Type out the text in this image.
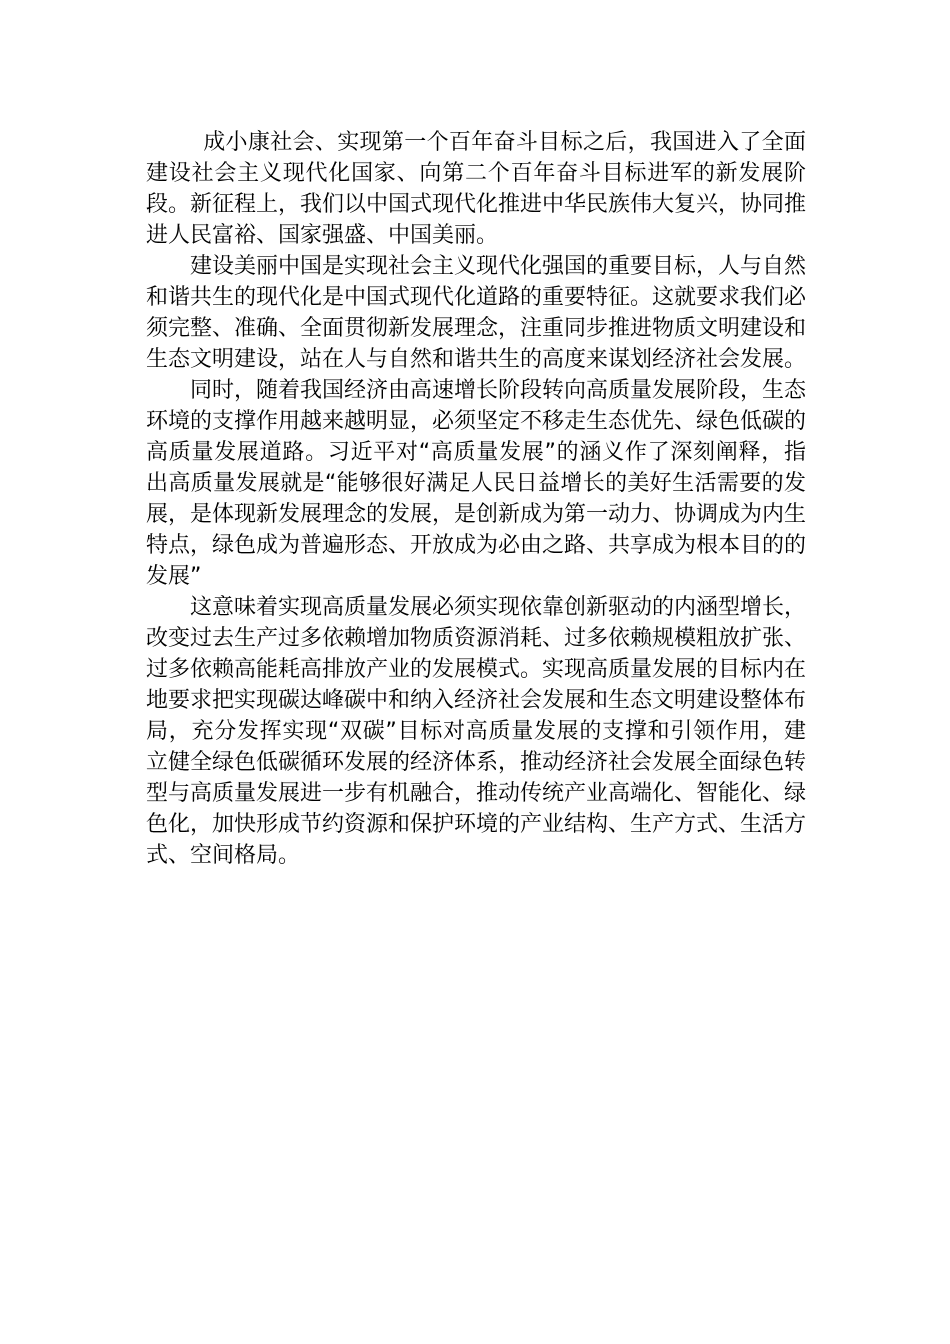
成小康社会、实现第一个百年奋斗目标之后，我国进入了全面建设社会主义现代化国家、向第二个百年奋斗目标进军的新发展阶段。新征程上，我们以中国式现代化推进中华民族伟大复兴，协同推进人民富裕、国家强盛、中国美丽。

建设美丽中国是实现社会主义现代化强国的重要目标，人与自然和谐共生的现代化是中国式现代化道路的重要特征。这就要求我们必须完整、准确、全面贯彻新发展理念，注重同步推进物质文明建设和生态文明建设，站在人与自然和谐共生的高度来谋划经济社会发展。

同时，随着我国经济由高速增长阶段转向高质量发展阶段，生态环境的支撑作用越来越明显，必须坚定不移走生态优先、绿色低碳的高质量发展道路。习近平对“高质量发展”的涵义作了深刻阐释，指出高质量发展就是“能够很好满足人民日益增长的美好生活需要的发展，是体现新发展理念的发展，是创新成为第一动力、协调成为内生特点，绿色成为普遍形态、开放成为必由之路、共享成为根本目的的发展”

这意味着实现高质量发展必须实现依靠创新驱动的内涵型增长，改变过去生产过多依赖增加物质资源消耗、过多依赖规模粗放扩张、过多依赖高能耗高排放产业的发展模式。实现高质量发展的目标内在地要求把实现碳达峰碳中和纳入经济社会发展和生态文明建设整体布局，充分发挥实现“双碳”目标对高质量发展的支撑和引领作用，建立健全绿色低碳循环发展的经济体系，推动经济社会发展全面绿色转型与高质量发展进一步有机融合，推动传统产业高端化、智能化、绿色化，加快形成节约资源和保护环境的产业结构、生产方式、生活方式、空间格局。
